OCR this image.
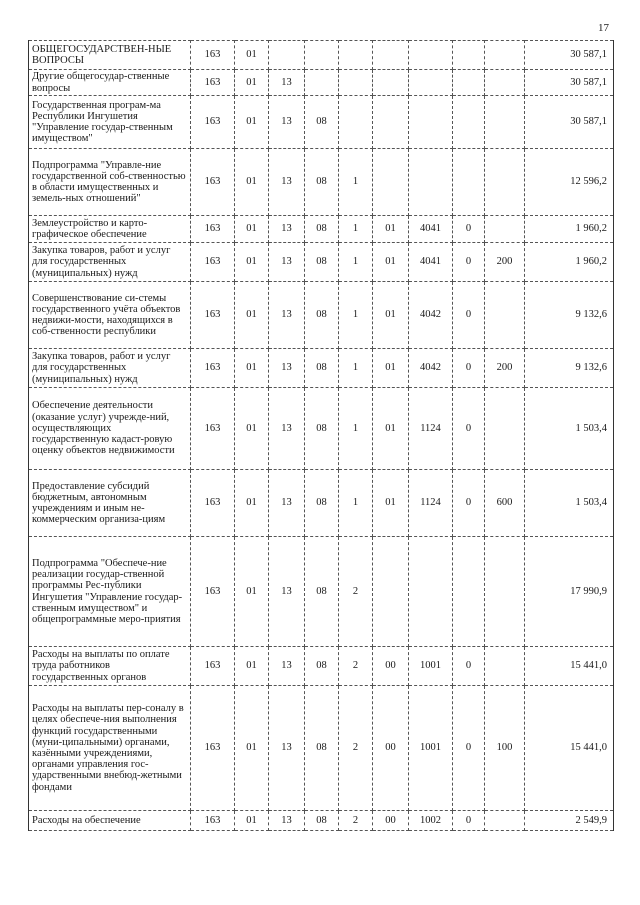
17
ОБЩЕГОСУДАРСТВЕН-НЫЕ ВОПРОСЫ	163	01								30 587,1
Другие общегосудар-ственные вопросы	163	01	13							30 587,1
Государственная програм-ма Республики Ингушетия "Управление государ-ственным имуществом"	163	01	13	08						30 587,1
Подпрограмма "Управле-ние государственной соб-ственностью в области имущественных и земель-ных отношений"	163	01	13	08	1					12 596,2
Землеустройство и карто-графическое обеспечение	163	01	13	08	1	01	4041	0		1 960,2
Закупка товаров, работ и услуг для государственных (муниципальных) нужд	163	01	13	08	1	01	4041	0	200	1 960,2
Совершенствование си-стемы государственного учёта объектов недвижи-мости, находящихся в соб-ственности республики	163	01	13	08	1	01	4042	0		9 132,6
Закупка товаров, работ и услуг для государственных (муниципальных) нужд	163	01	13	08	1	01	4042	0	200	9 132,6
Обеспечение деятельности (оказание услуг) учрежде-ний, осуществляющих государственную кадаст-ровую оценку объектов недвижимости	163	01	13	08	1	01	1124	0		1 503,4
Предоставление субсидий бюджетным, автономным учреждениям и иным не-коммерческим организа-циям	163	01	13	08	1	01	1124	0	600	1 503,4
Подпрограмма "Обеспече-ние реализации государ-ственной программы Рес-публики Ингушетия "Управление государ-ственным имуществом" и общепрограммные меро-приятия	163	01	13	08	2					17 990,9
Расходы на выплаты по оплате труда работников государственных органов	163	01	13	08	2	00	1001	0		15 441,0
Расходы на выплаты пер-соналу в целях обеспече-ния выполнения функций государственными (муни-ципальными) органами, казёнными учреждениями, органами управления гос-ударственными внебюд-жетными фондами	163	01	13	08	2	00	1001	0	100	15 441,0
Расходы на обеспечение	163	01	13	08	2	00	1002	0		2 549,9
